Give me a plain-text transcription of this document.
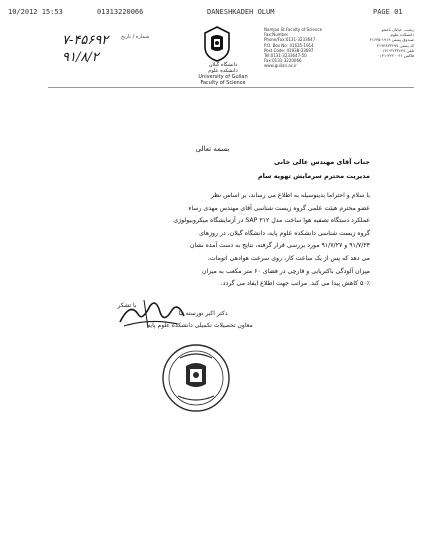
10/2012 15:53	01313220066	DANESHKADEH OLUM	PAGE 01

۷-۴۵۶۹۲

۹۱/۸/۲

شماره / تاریخ
دانشگاه گیلان
دانشکده علوم
University of Guilan
Faculty of Science
Namjoo St.Faculty of Science
Fax:Number
Phone/Fax:0131-3233647
P.O. Box No: 41635-1914
Post Code: 41938-33697
Tel:0131-3233647-50
Fax:0131-3220066
www.guilan.ac.ir
رشت، خیابان نامجو
دانشکده علوم
صندوق پستی ۱۹۱۴-۴۱۶۳۵
کد پستی ۴۱۹۳۸۳۳۶۹۷
تلفن ۳۲۳۳۶۴۷-۰۱۳۱
فاکس ۳۲۲۰۰۶۶-۰۱۳۱
بسمه تعالی
جناب آقای مهندس عالی خانی
مدیریت محترم سرمایش تهویه سام
با سلام و احتراما بدینوسیله به اطلاع می رساند، بر اساس نظر
عضو محترم هیئت علمی گروه زیست شناسی آقای مهندس مهدی رساء
عملکرد دستگاه تصفیه هوا ساخت مدل ۲۱۲ SAP در آزمایشگاه میکروبیولوژی
گروه زیست شناسی دانشکده علوم پایه، دانشگاه گیلان، در روزهای
۹۱/۷/۲۳ و ۹۱/۷/۲۷ مورد بررسی قرار گرفته، نتایج به دست آمده نشان
می دهد که پس از یک ساعت کار، روی سرعت هوادهی اتومات،
میزان آلودگی باکتریایی و قارچی در فضای ۶۰ متر مکعب به میزان
۵۰٪ کاهش پیدا می کند. مراتب جهت اطلاع ایفاد می گردد.
با تشکر
دکتر اکبر نورسته نیا
معاون تحصیلات تکمیلی دانشکده علوم پایه
